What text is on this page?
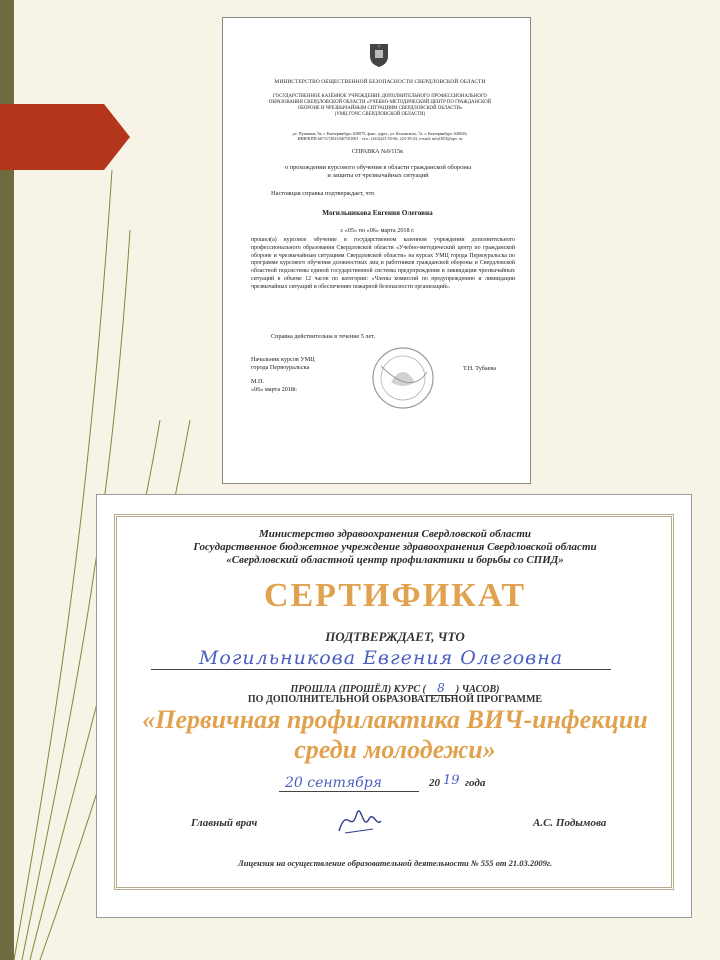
МИНИСТЕРСТВО ОБЩЕСТВЕННОЙ БЕЗОПАСНОСТИ СВЕРДЛОВСКОЙ ОБЛАСТИ
ГОСУДАРСТВЕННОЕ КАЗЁННОЕ УЧРЕЖДЕНИЕ ДОПОЛНИТЕЛЬНОГО ПРОФЕССИОНАЛЬНОГО
ОБРАЗОВАНИЯ СВЕРДЛОВСКОЙ ОБЛАСТИ «УЧЕБНО-МЕТОДИЧЕСКИЙ ЦЕНТР ПО ГРАЖДАНСКОЙ
ОБОРОНЕ И ЧРЕЗВЫЧАЙНЫМ СИТУАЦИЯМ СВЕРДЛОВСКОЙ ОБЛАСТИ»
(УМЦ ГОЧС СВЕРДЛОВСКОЙ ОБЛАСТИ)
ул. Пушкина, 9а, г. Екатеринбург, 620075, факс. адрес, ул. Белинского, 7а, г. Екатеринбург, 620026,
ИНН/КПП 6671172023/667101001 · тел.: (343)223-55-66, 223-39-23, e-mail: info1853@ups. ru
СПРАВКА №9/115к
о прохождении курсового обучения в области гражданской обороны
и защиты от чрезвычайных ситуаций
Настоящая справка подтверждает, что
Могильникова Евгения Олеговна
с «05» по «06» марта 2018 г.
прошел(а) курсовое обучение в государственном казенном учреждении дополнительного профессионального образования Свердловской области «Учебно-методический центр по гражданской обороне и чрезвычайным ситуациям Свердловской области» на курсах УМЦ города Первоуральска по программе курсового обучения должностных лиц и работников гражданской обороны и Свердловской областной подсистемы единой государственной системы предупреждения и ликвидации чрезвычайных ситуаций в объеме 12 часов по категории: «Члены комиссий по предупреждению и ликвидации чрезвычайных ситуаций и обеспечению пожарной безопасности организаций».
Справка действительна в течение 5 лет.
Начальник курсов УМЦ
города Первоуральска	Т.Н. Тубаева
М.П.
«06» марта 2018г.
Министерство здравоохранения Свердловской области
Государственное бюджетное учреждение здравоохранения Свердловской области
«Свердловский областной центр профилактики и борьбы со СПИД»
СЕРТИФИКАТ
ПОДТВЕРЖДАЕТ, ЧТО
Могильникова Евгения Олеговна
ПРОШЛА (ПРОШЁЛ) КУРС ( 8 ) ЧАСОВ)
ПО ДОПОЛНИТЕЛЬНОЙ ОБРАЗОВАТЕЛЬНОЙ ПРОГРАММЕ
«Первичная профилактика ВИЧ-инфекции
среди молодежи»
20 сентября	20 19 года
Главный врач	А.С. Подымова
Лицензия на осуществление образовательной деятельности № 555 от 21.03.2009г.
